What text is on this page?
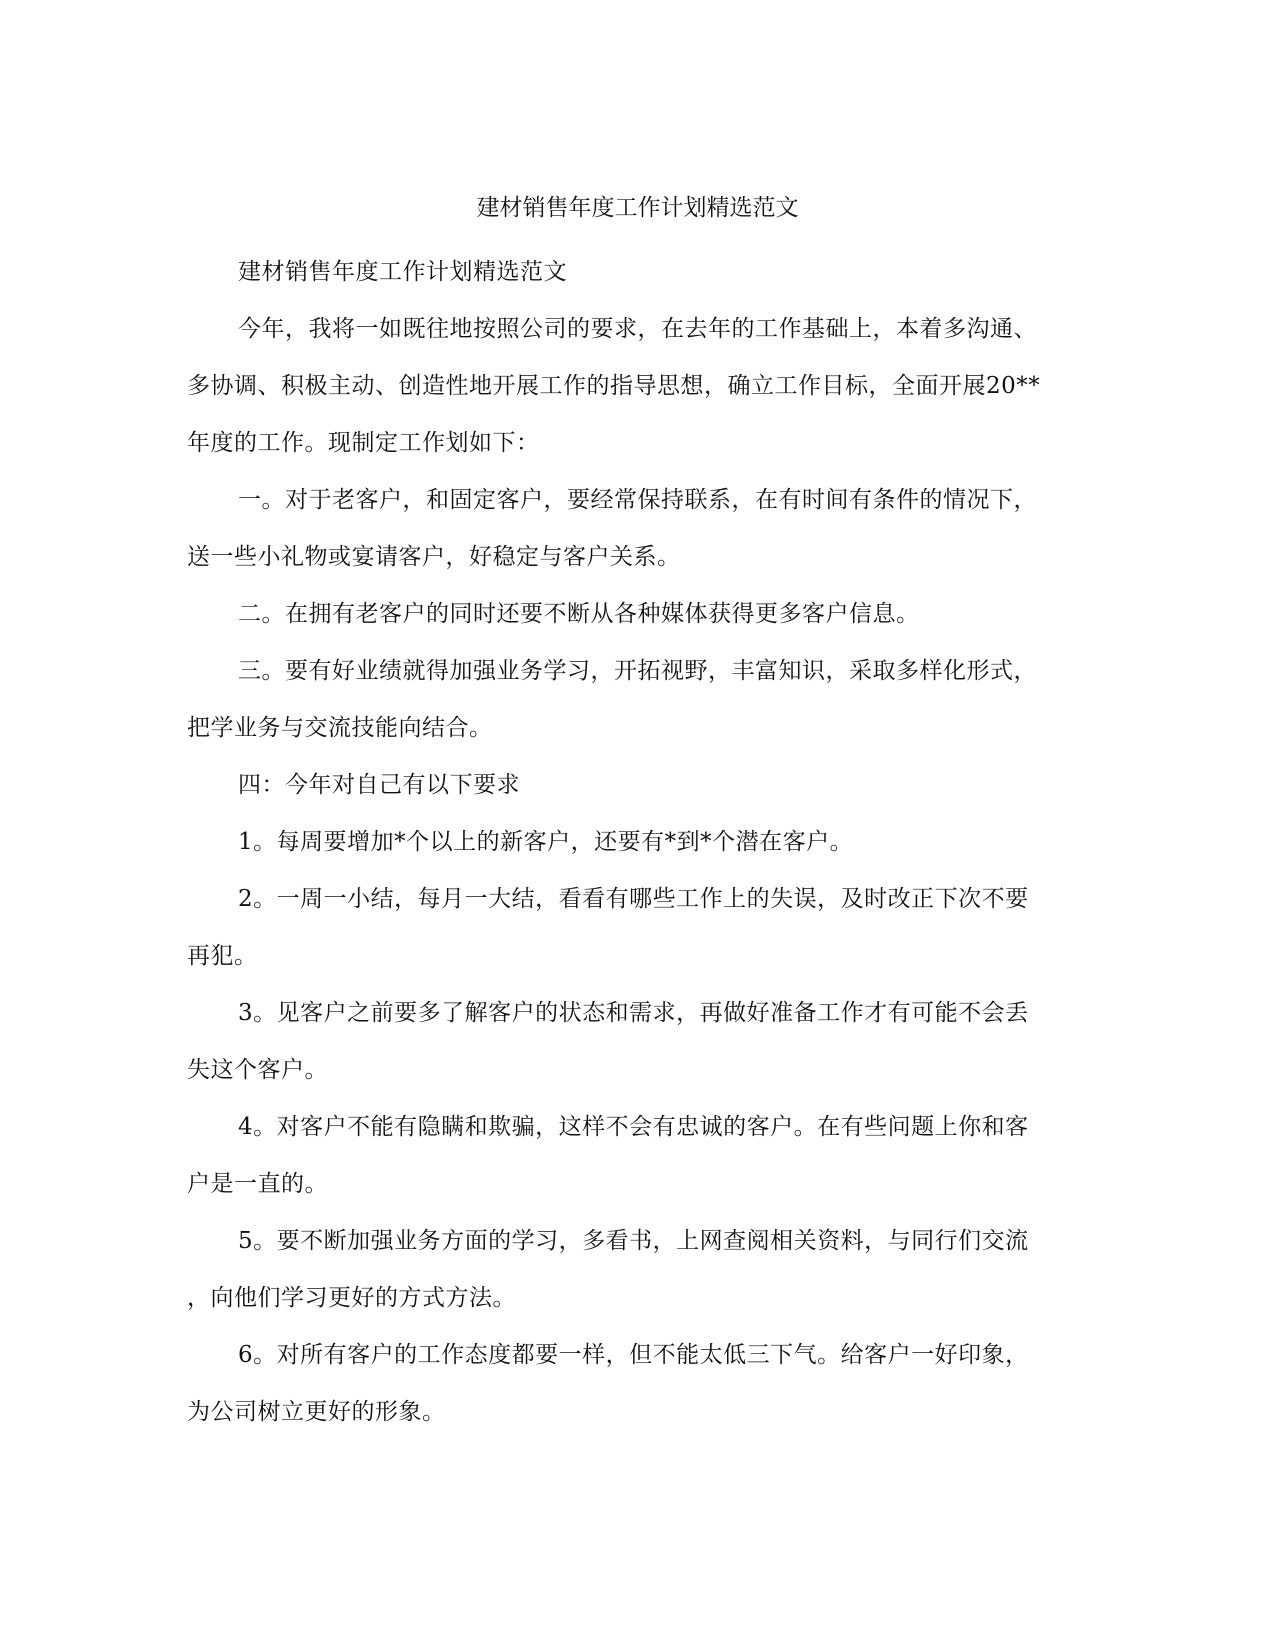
建材销售年度工作计划精选范文
建材销售年度工作计划精选范文
今年，我将一如既往地按照公司的要求，在去年的工作基础上，本着多沟通、
多协调、积极主动、创造性地开展工作的指导思想，确立工作目标，全面开展20**
年度的工作。现制定工作划如下：
一。对于老客户，和固定客户，要经常保持联系，在有时间有条件的情况下，
送一些小礼物或宴请客户，好稳定与客户关系。
二。在拥有老客户的同时还要不断从各种媒体获得更多客户信息。
三。要有好业绩就得加强业务学习，开拓视野，丰富知识，采取多样化形式，
把学业务与交流技能向结合。
四：今年对自己有以下要求
1。每周要增加*个以上的新客户，还要有*到*个潜在客户。
2。一周一小结，每月一大结，看看有哪些工作上的失误，及时改正下次不要
再犯。
3。见客户之前要多了解客户的状态和需求，再做好准备工作才有可能不会丢
失这个客户。
4。对客户不能有隐瞒和欺骗，这样不会有忠诚的客户。在有些问题上你和客
户是一直的。
5。要不断加强业务方面的学习，多看书，上网查阅相关资料，与同行们交流
，向他们学习更好的方式方法。
6。对所有客户的工作态度都要一样，但不能太低三下气。给客户一好印象，
为公司树立更好的形象。
